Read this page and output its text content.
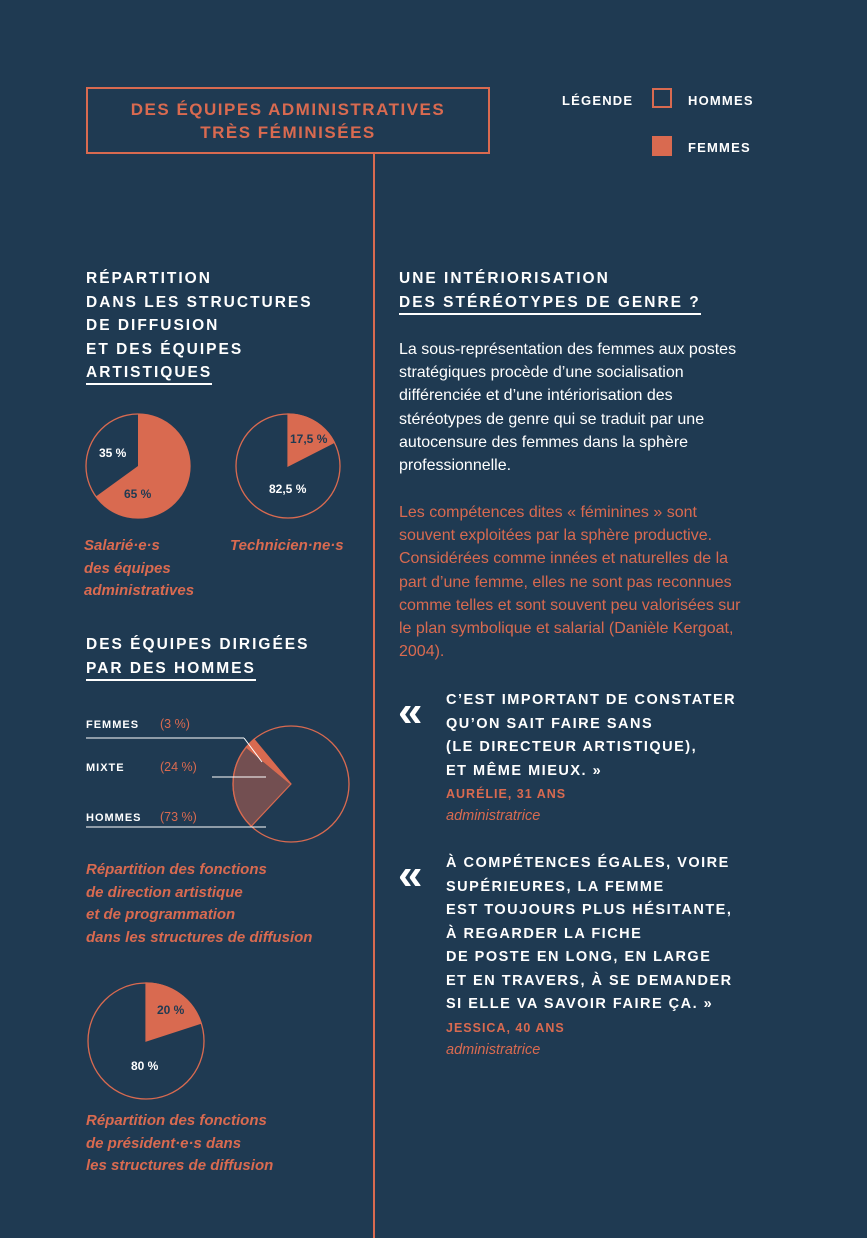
DES ÉQUIPES ADMINISTRATIVES
TRÈS FÉMINISÉES
LÉGENDE	HOMMES
FEMMES
RÉPARTITION
DANS LES STRUCTURES
DE DIFFUSION
ET DES ÉQUIPES
ARTISTIQUES
35 %
65 %
17,5 %
82,5 %
Salarié·e·s
des équipes
administratives
Technicien·ne·s
DES ÉQUIPES DIRIGÉES
PAR DES HOMMES
FEMMES (3 %)
MIXTE	(24 %)
HOMMES (73 %)
Répartition des fonctions
de direction artistique
et de programmation
dans les structures de diffusion
20 %
80 %
Répartition des fonctions
de président·e·s dans
les structures de diffusion
UNE INTÉRIORISATION
DES STÉRÉOTYPES DE GENRE ?
La sous-représentation des femmes aux postes
stratégiques procède d’une socialisation
différenciée et d’une intériorisation des
stéréotypes de genre qui se traduit par une
autocensure des femmes dans la sphère
professionnelle.
Les compétences dites « féminines » sont
souvent exploitées par la sphère productive.
Considérées comme innées et naturelles de la
part d’une femme, elles ne sont pas reconnues
comme telles et sont souvent peu valorisées sur
le plan symbolique et salarial (Danièle Kergoat,
2004).
« C’EST IMPORTANT DE CONSTATER
QU’ON SAIT FAIRE SANS
(LE DIRECTEUR ARTISTIQUE),
ET MÊME MIEUX. »
AURÉLIE, 31 ANS
administratrice
« À COMPÉTENCES ÉGALES, VOIRE
SUPÉRIEURES, LA FEMME
EST TOUJOURS PLUS HÉSITANTE,
À REGARDER LA FICHE
DE POSTE EN LONG, EN LARGE
ET EN TRAVERS, À SE DEMANDER
SI ELLE VA SAVOIR FAIRE ÇA. »
JESSICA, 40 ANS
administratrice
